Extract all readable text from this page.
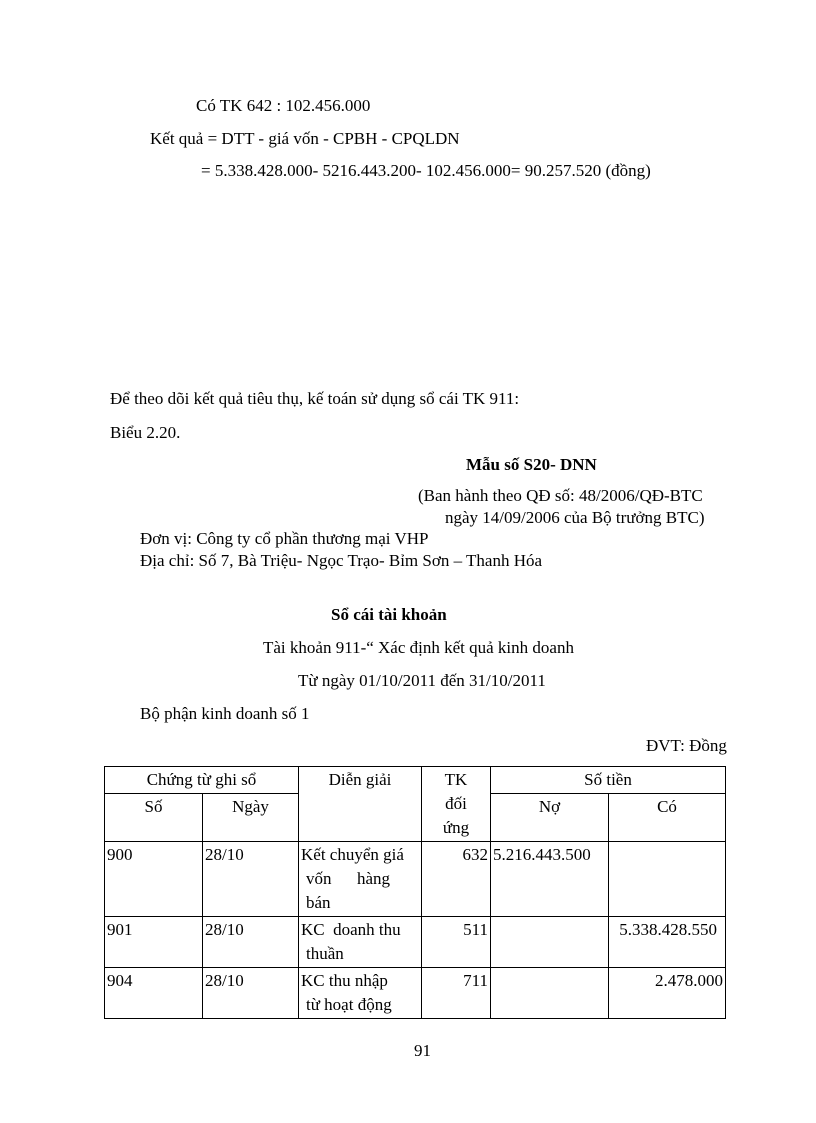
Có TK 642 : 102.456.000
Kết quả = DTT - giá vốn - CPBH - CPQLDN
= 5.338.428.000- 5216.443.200- 102.456.000= 90.257.520 (đồng)
Để theo dõi kết quả tiêu thụ, kế toán sử dụng sổ cái TK 911:
Biểu 2.20.
Mẫu số S20- DNN
(Ban hành theo QĐ số: 48/2006/QĐ-BTC
ngày 14/09/2006 của Bộ trưởng BTC)
Đơn vị: Công ty cổ phần thương mại VHP
Địa chỉ: Số 7, Bà Triệu- Ngọc Trạo- Bỉm Sơn – Thanh Hóa
Sổ cái tài khoản
Tài khoản 911-“ Xác định kết quả kinh doanh
Từ ngày 01/10/2011 đến 31/10/2011
Bộ phận kinh doanh số 1
ĐVT: Đồng
Chứng từ ghi sổ		Diễn giải	TK
đối
ứng	Số tiền	
Số	Ngày			Nợ	Có
900	28/10	Kết chuyển giá
vốn      hàng
bán	632	5.216.443.500	
901	28/10	KC  doanh thu
thuần	511		5.338.428.550
904	28/10	KC thu nhập
từ hoạt động	711		2.478.000
91
